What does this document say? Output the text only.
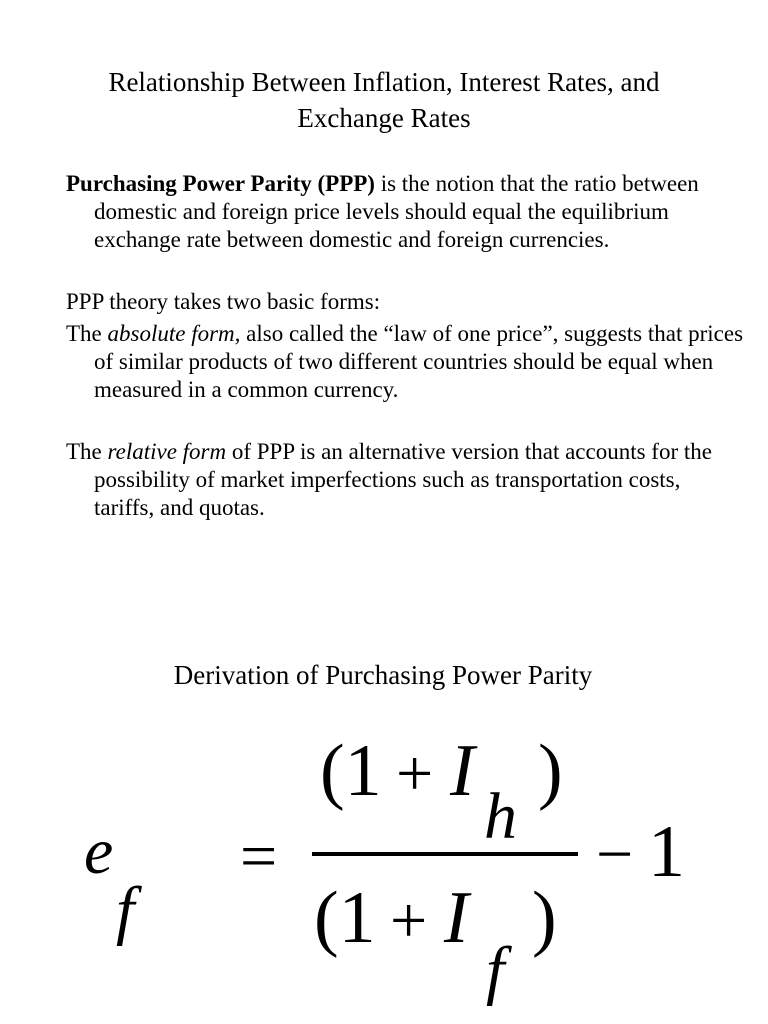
Relationship Between Inflation, Interest Rates, and
Exchange Rates
Purchasing Power Parity (PPP) is the notion that the ratio between domestic and foreign price levels should equal the equilibrium exchange rate between domestic and foreign currencies.
PPP theory takes two basic forms:
The absolute form, also called the “law of one price”, suggests that prices of similar products of two different countries should be equal when measured in a common currency.
The relative form of PPP is an alternative version that accounts for the possibility of market imperfections such as transportation costs, tariffs, and quotas.
Derivation of Purchasing Power Parity
e
f
=
(1 + I
h
)
(1 + I
f
)
− 1
